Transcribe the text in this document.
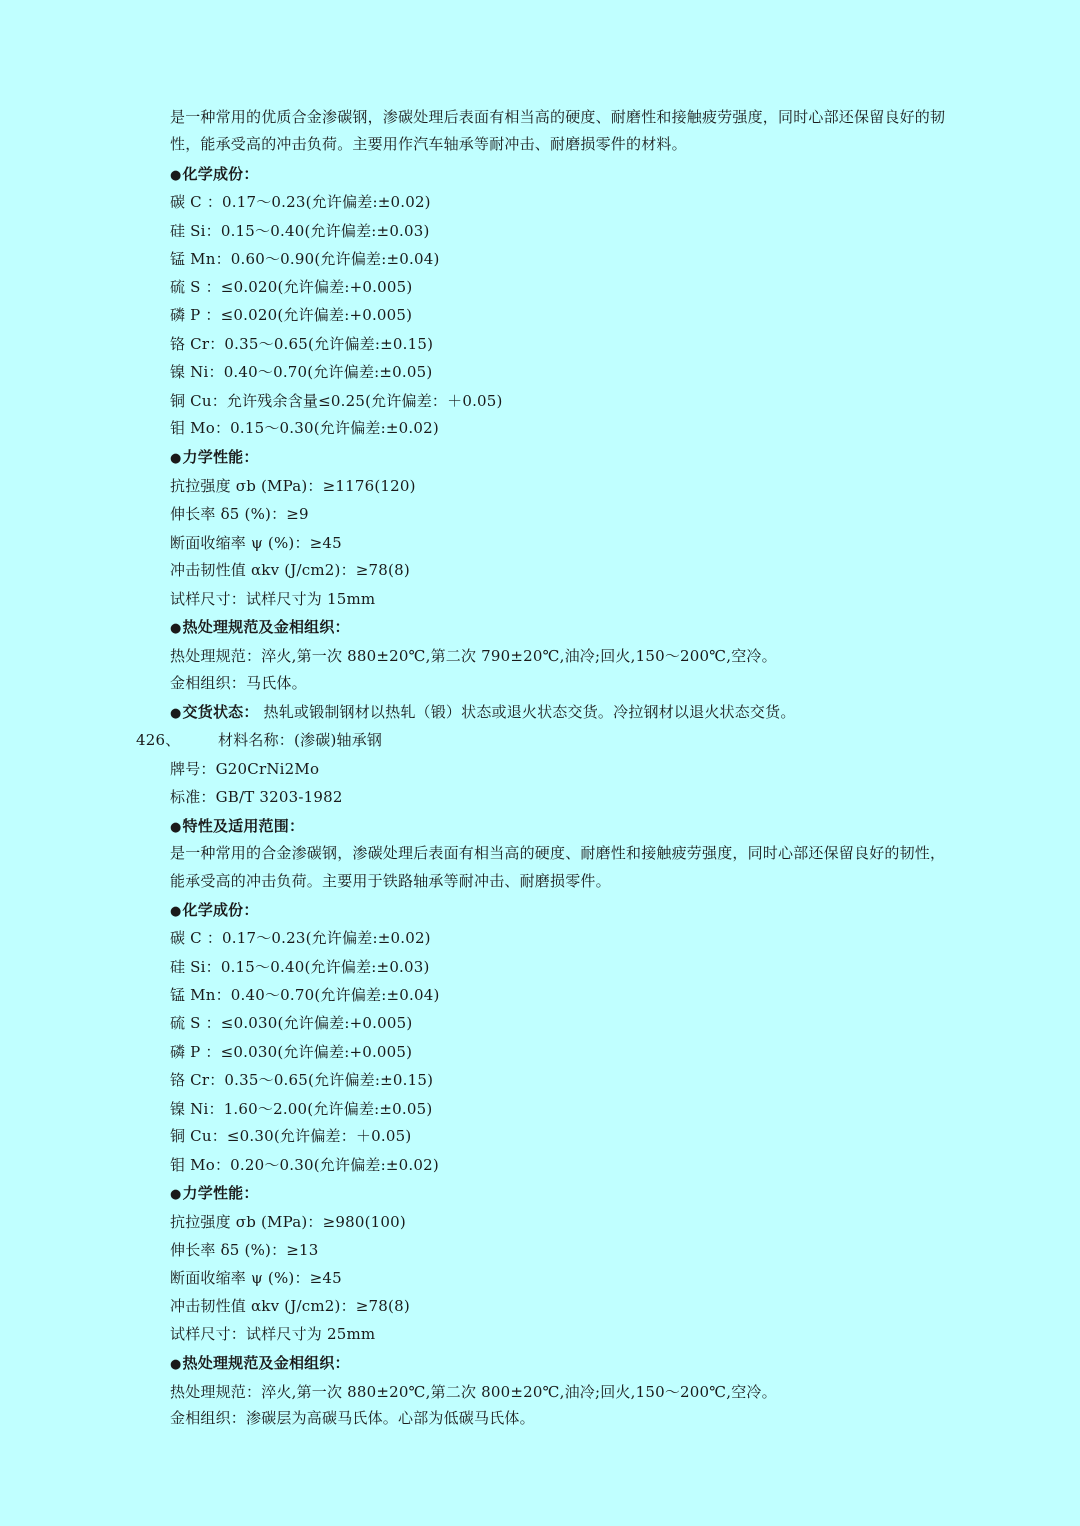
是一种常用的优质合金渗碳钢，渗碳处理后表面有相当高的硬度、耐磨性和接触疲劳强度，同时心部还保留良好的韧
性，能承受高的冲击负荷。主要用作汽车轴承等耐冲击、耐磨损零件的材料。
●化学成份：
碳 C ：0.17～0.23(允许偏差:±0.02)
硅 Si：0.15～0.40(允许偏差:±0.03)
锰 Mn：0.60～0.90(允许偏差:±0.04)
硫 S ：≤0.020(允许偏差:+0.005)
磷 P ：≤0.020(允许偏差:+0.005)
铬 Cr：0.35～0.65(允许偏差:±0.15)
镍 Ni：0.40～0.70(允许偏差:±0.05)
铜 Cu：允许残余含量≤0.25(允许偏差：＋0.05)
钼 Mo：0.15～0.30(允许偏差:±0.02)
●力学性能：
抗拉强度 σb (MPa)：≥1176(120)
伸长率 δ5 (%)：≥9
断面收缩率 ψ (%)：≥45
冲击韧性值 αkv (J/cm2)：≥78(8)
试样尺寸：试样尺寸为 15mm
●热处理规范及金相组织：
热处理规范：淬火,第一次 880±20℃,第二次 790±20℃,油冷;回火,150～200℃,空冷。
金相组织：马氏体。
●交货状态： 热轧或锻制钢材以热轧（锻）状态或退火状态交货。冷拉钢材以退火状态交货。
426、	材料名称：(渗碳)轴承钢
牌号：G20CrNi2Mo
标准：GB/T 3203-1982
●特性及适用范围：
是一种常用的合金渗碳钢，渗碳处理后表面有相当高的硬度、耐磨性和接触疲劳强度，同时心部还保留良好的韧性，
能承受高的冲击负荷。主要用于铁路轴承等耐冲击、耐磨损零件。
●化学成份：
碳 C ：0.17～0.23(允许偏差:±0.02)
硅 Si：0.15～0.40(允许偏差:±0.03)
锰 Mn：0.40～0.70(允许偏差:±0.04)
硫 S ：≤0.030(允许偏差:+0.005)
磷 P ：≤0.030(允许偏差:+0.005)
铬 Cr：0.35～0.65(允许偏差:±0.15)
镍 Ni：1.60～2.00(允许偏差:±0.05)
铜 Cu：≤0.30(允许偏差：＋0.05)
钼 Mo：0.20～0.30(允许偏差:±0.02)
●力学性能：
抗拉强度 σb (MPa)：≥980(100)
伸长率 δ5 (%)：≥13
断面收缩率 ψ (%)：≥45
冲击韧性值 αkv (J/cm2)：≥78(8)
试样尺寸：试样尺寸为 25mm
●热处理规范及金相组织：
热处理规范：淬火,第一次 880±20℃,第二次 800±20℃,油冷;回火,150～200℃,空冷。
金相组织：渗碳层为高碳马氏体。心部为低碳马氏体。
